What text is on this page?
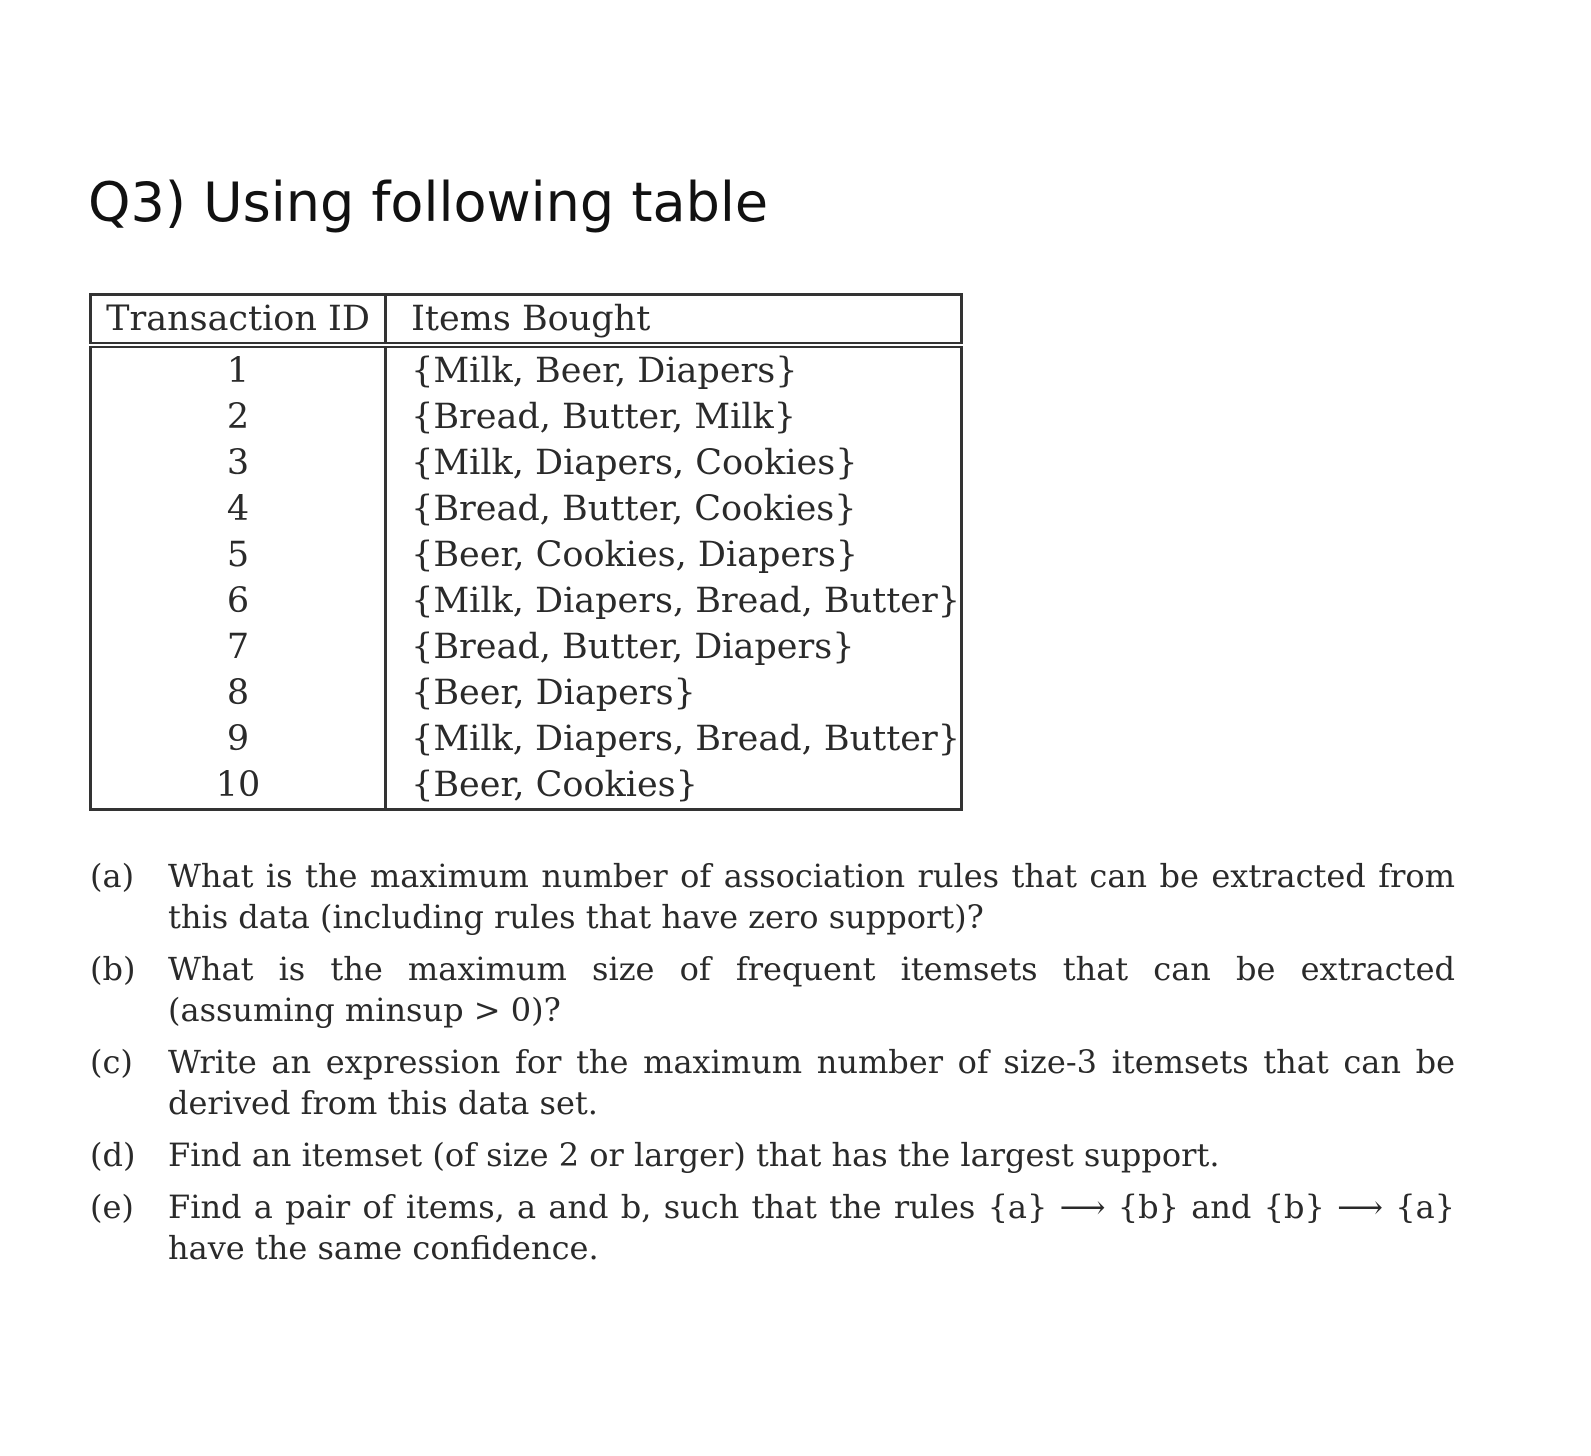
Q3) Using following table
Transaction ID	Items Bought
1	{Milk, Beer, Diapers}
2	{Bread, Butter, Milk}
3	{Milk, Diapers, Cookies}
4	{Bread, Butter, Cookies}
5	{Beer, Cookies, Diapers}
6	{Milk, Diapers, Bread, Butter}
7	{Bread, Butter, Diapers}
8	{Beer, Diapers}
9	{Milk, Diapers, Bread, Butter}
10	{Beer, Cookies}
(a)	What is the maximum number of association rules that can be extracted from this data (including rules that have zero support)?
(b)	What is the maximum size of frequent itemsets that can be extracted (assuming minsup > 0)?
(c)	Write an expression for the maximum number of size-3 itemsets that can be derived from this data set.
(d)	Find an itemset (of size 2 or larger) that has the largest support.
(e)	Find a pair of items, a and b, such that the rules {a} ⟶ {b} and {b} ⟶ {a} have the same confidence.
